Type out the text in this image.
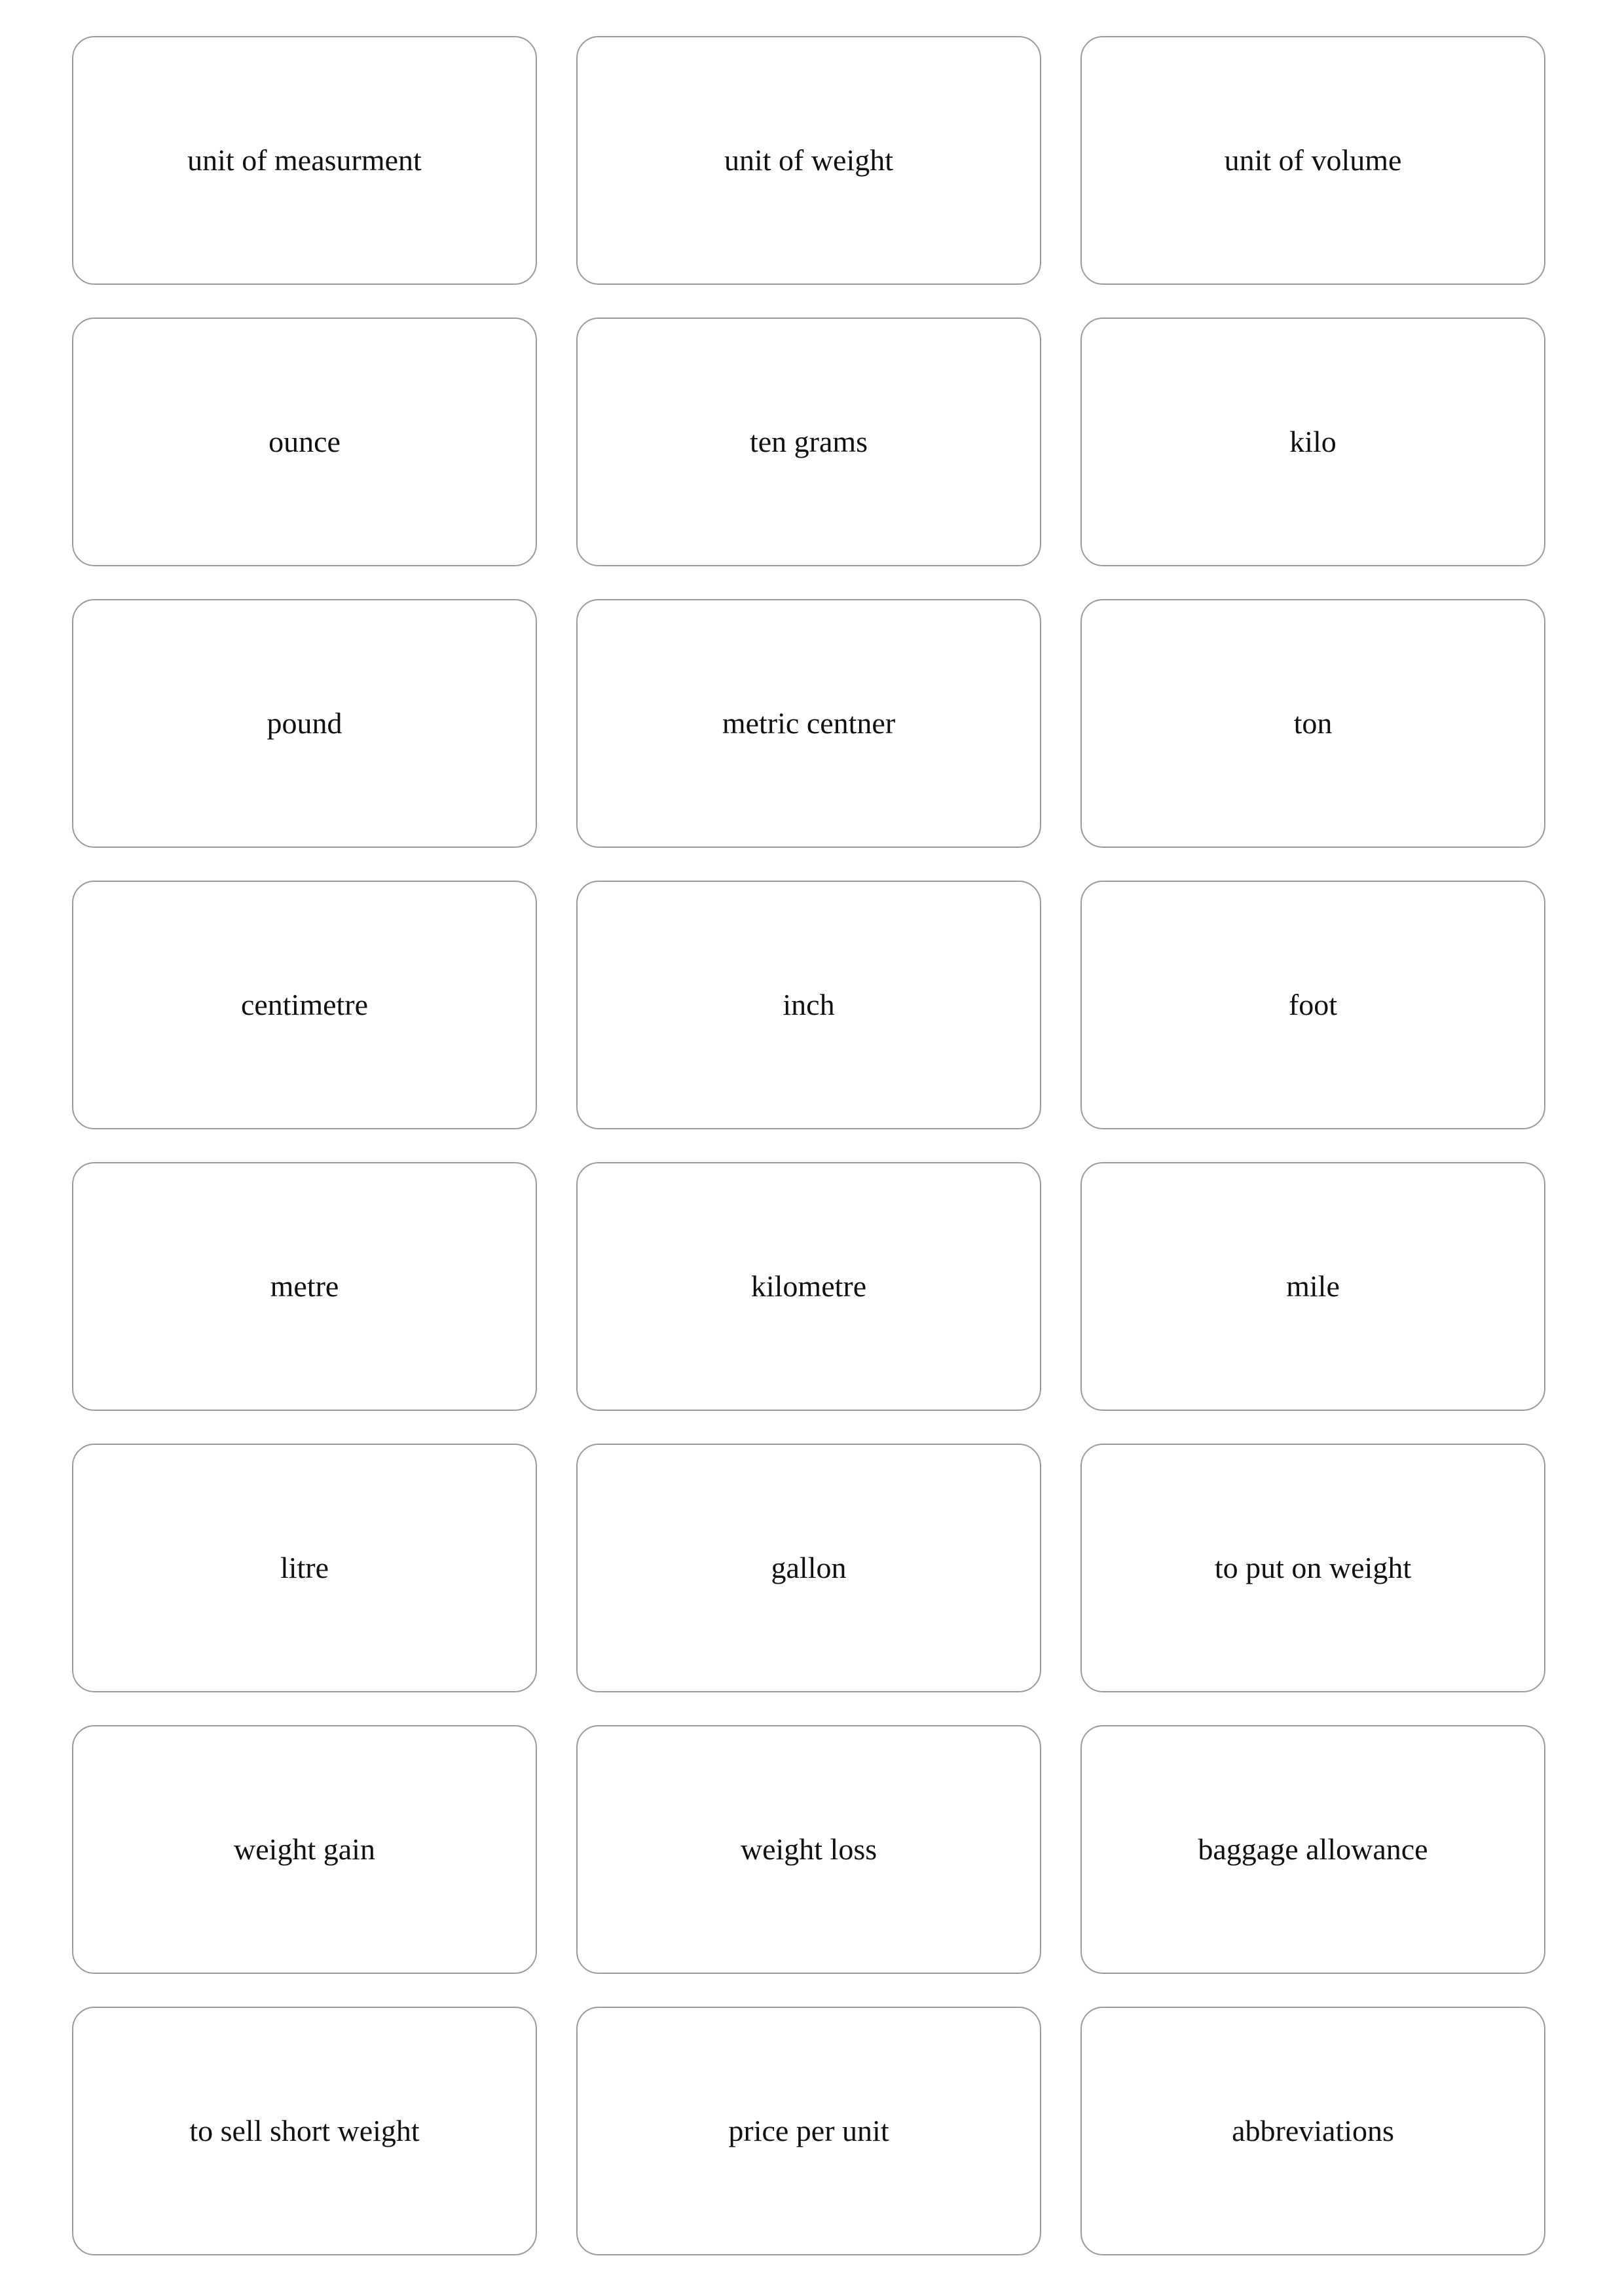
unit of measurment	unit of weight	unit of volume
ounce	ten grams	kilo
pound	metric centner	ton
centimetre	inch	foot
metre	kilometre	mile
litre	gallon	to put on weight
weight gain	weight loss	baggage allowance
to sell short weight	price per unit	abbreviations
